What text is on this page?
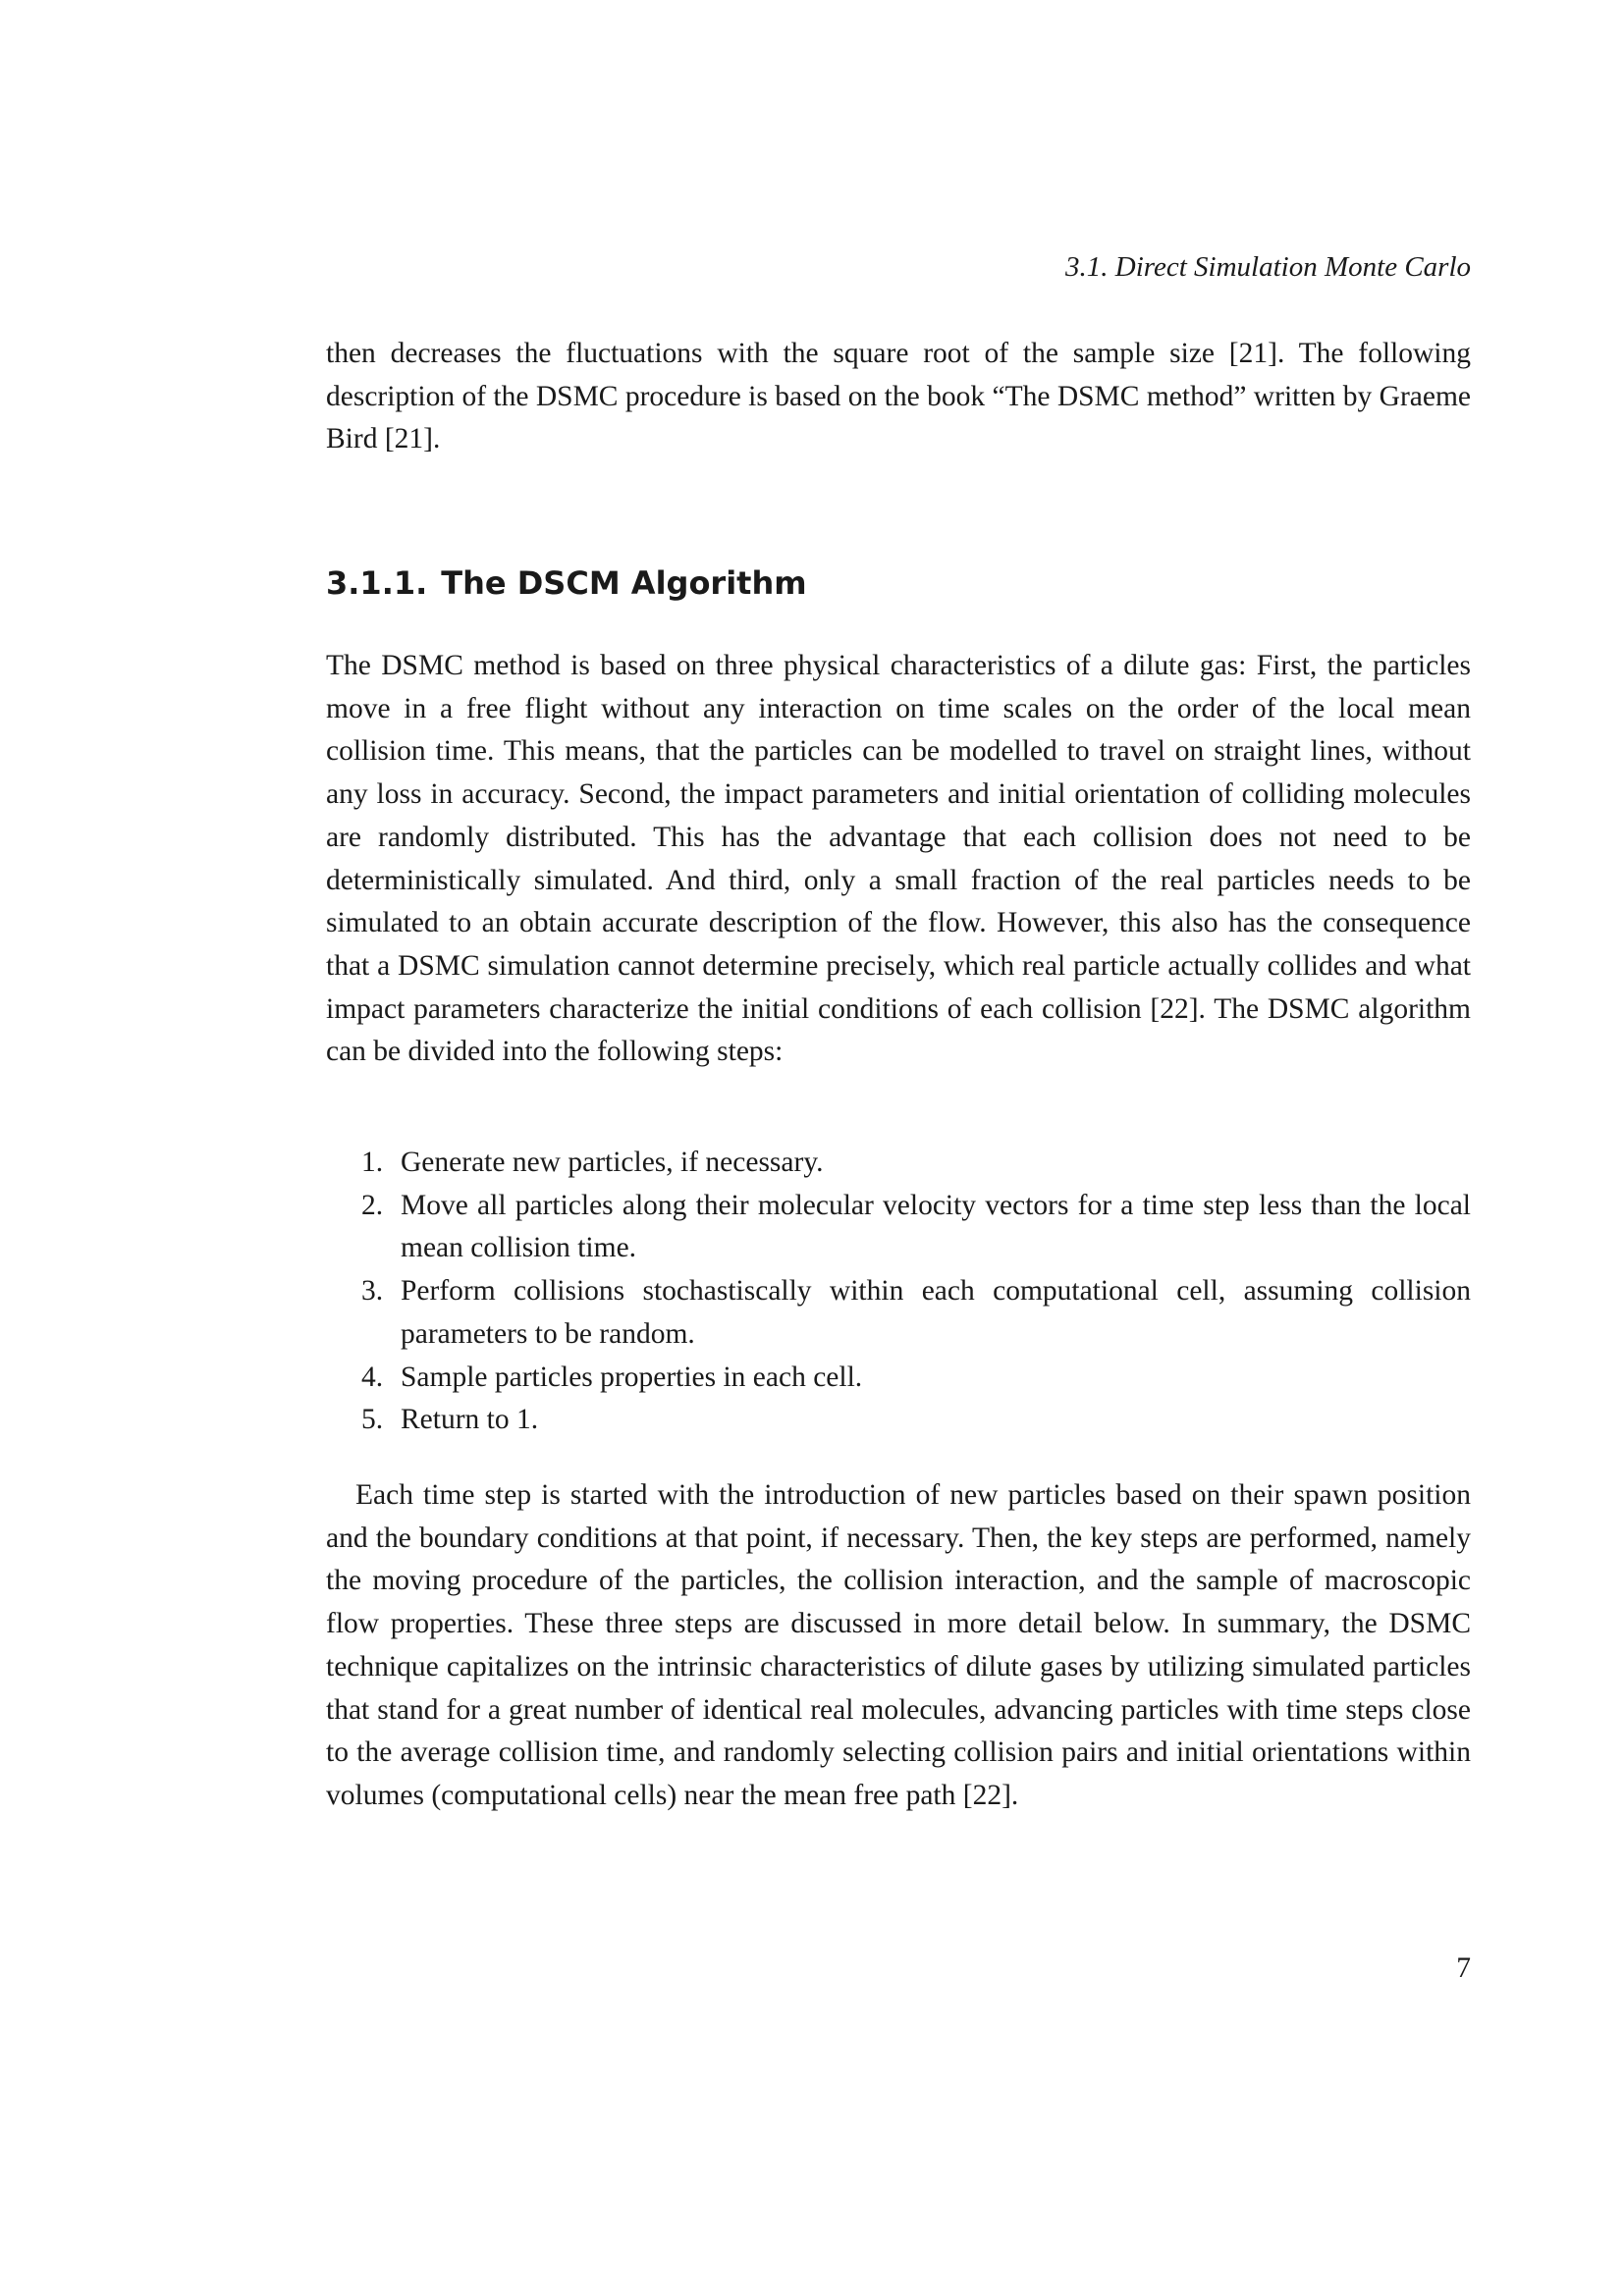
3.1. Direct Simulation Monte Carlo

then decreases the fluctuations with the square root of the sample size [21]. The following description of the DSMC procedure is based on the book “The DSMC method” written by Graeme Bird [21].

3.1.1. The DSCM Algorithm

The DSMC method is based on three physical characteristics of a dilute gas: First, the particles move in a free flight without any interaction on time scales on the order of the local mean collision time. This means, that the particles can be modelled to travel on straight lines, without any loss in accuracy. Second, the impact parameters and initial orientation of colliding molecules are randomly distributed. This has the advantage that each collision does not need to be deterministically simulated. And third, only a small fraction of the real particles needs to be simulated to an obtain accurate description of the flow. However, this also has the consequence that a DSMC simulation cannot determine precisely, which real particle actually collides and what impact parameters characterize the initial conditions of each collision [22]. The DSMC algorithm can be divided into the following steps:

1. Generate new particles, if necessary.
2. Move all particles along their molecular velocity vectors for a time step less than the local mean collision time.
3. Perform collisions stochastiscally within each computational cell, assuming collision parameters to be random.
4. Sample particles properties in each cell.
5. Return to 1.

Each time step is started with the introduction of new particles based on their spawn position and the boundary conditions at that point, if necessary. Then, the key steps are performed, namely the moving procedure of the particles, the collision interaction, and the sample of macroscopic flow properties. These three steps are discussed in more detail below. In summary, the DSMC technique capitalizes on the intrinsic characteristics of dilute gases by utilizing simulated particles that stand for a great number of identical real molecules, advancing particles with time steps close to the average collision time, and randomly selecting collision pairs and initial orientations within volumes (computational cells) near the mean free path [22].

7
